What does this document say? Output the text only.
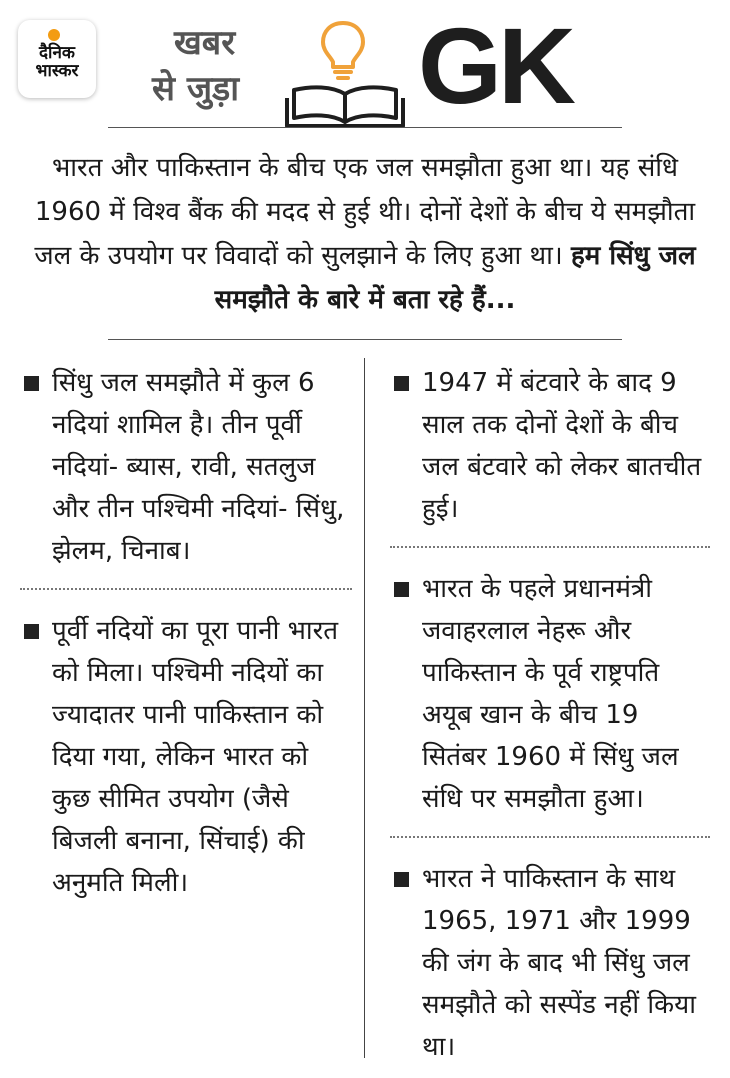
दैनिक
भास्कर
खबर
से जुड़ा GK
भारत और पाकिस्तान के बीच एक जल समझौता हुआ था। यह संधि 1960 में विश्व बैंक की मदद से हुई थी। दोनों देशों के बीच ये समझौता जल के उपयोग पर विवादों को सुलझाने के लिए हुआ था। हम सिंधु जल समझौते के बारे में बता रहे हैं...
सिंधु जल समझौते में कुल 6 नदियां शामिल है। तीन पूर्वी नदियां- ब्यास, रावी, सतलुज और तीन पश्चिमी नदियां- सिंधु, झेलम, चिनाब।
पूर्वी नदियों का पूरा पानी भारत को मिला। पश्चिमी नदियों का ज्यादातर पानी पाकिस्तान को दिया गया, लेकिन भारत को कुछ सीमित उपयोग (जैसे बिजली बनाना, सिंचाई) की अनुमति मिली।
1947 में बंटवारे के बाद 9 साल तक दोनों देशों के बीच जल बंटवारे को लेकर बातचीत हुई।
भारत के पहले प्रधानमंत्री जवाहरलाल नेहरू और पाकिस्तान के पूर्व राष्ट्रपति अयूब खान के बीच 19 सितंबर 1960 में सिंधु जल संधि पर समझौता हुआ।
भारत ने पाकिस्तान के साथ 1965, 1971 और 1999 की जंग के बाद भी सिंधु जल समझौते को सस्पेंड नहीं किया था।
